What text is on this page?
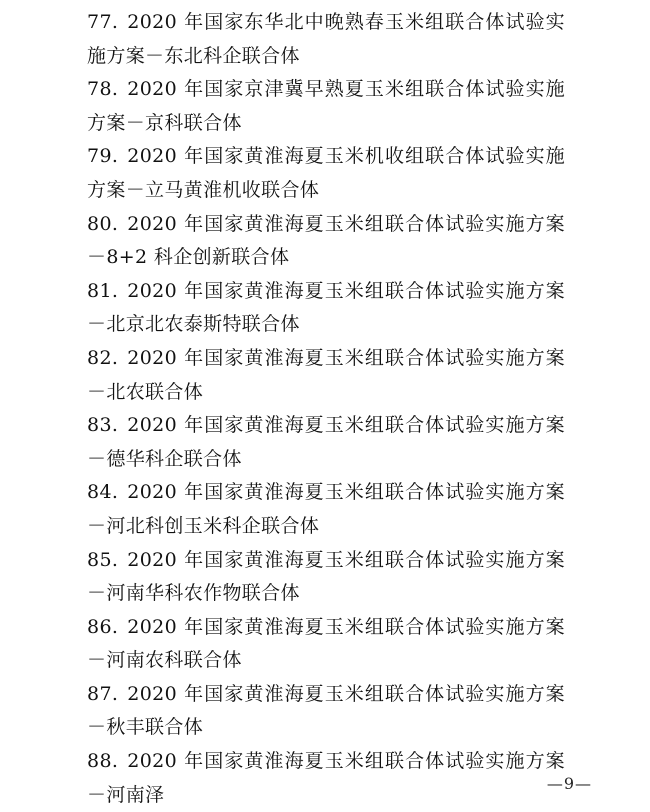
77. 2020 年国家东华北中晚熟春玉米组联合体试验实施方案－东北科企联合体
78. 2020 年国家京津冀早熟夏玉米组联合体试验实施方案－京科联合体
79. 2020 年国家黄淮海夏玉米机收组联合体试验实施方案－立马黄淮机收联合体
80. 2020 年国家黄淮海夏玉米组联合体试验实施方案－8+2 科企创新联合体
81. 2020 年国家黄淮海夏玉米组联合体试验实施方案－北京北农泰斯特联合体
82. 2020 年国家黄淮海夏玉米组联合体试验实施方案－北农联合体
83. 2020 年国家黄淮海夏玉米组联合体试验实施方案－德华科企联合体
84. 2020 年国家黄淮海夏玉米组联合体试验实施方案－河北科创玉米科企联合体
85. 2020 年国家黄淮海夏玉米组联合体试验实施方案－河南华科农作物联合体
86. 2020 年国家黄淮海夏玉米组联合体试验实施方案－河南农科联合体
87. 2020 年国家黄淮海夏玉米组联合体试验实施方案－秋丰联合体
88. 2020 年国家黄淮海夏玉米组联合体试验实施方案－河南泽
—9—
